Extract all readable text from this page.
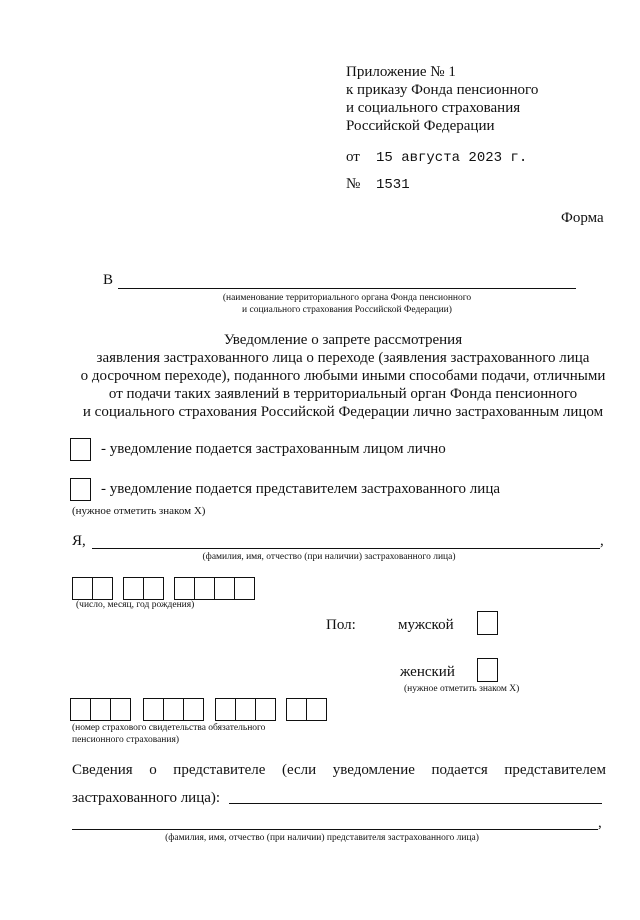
Приложение № 1
к приказу Фонда пенсионного
и социального страхования
Российской Федерации
от 15 августа 2023 г.
№ 1531
Форма
В
(наименование территориального органа Фонда пенсионного
и социального страхования Российской Федерации)
Уведомление о запрете рассмотрения
заявления застрахованного лица о переходе (заявления застрахованного лица
о досрочном переходе), поданного любыми иными способами подачи, отличными
от подачи таких заявлений в территориальный орган Фонда пенсионного
и социального страхования Российской Федерации лично застрахованным лицом
- уведомление подается застрахованным лицом лично
- уведомление подается представителем застрахованного лица
(нужное отметить знаком Х)
Я,	,
(фамилия, имя, отчество (при наличии) застрахованного лица)
(число, месяц, год рождения)
Пол:	мужской
женский
(нужное отметить знаком Х)
(номер страхового свидетельства обязательного
пенсионного страхования)
Сведения о представителе (если уведомление подается представителем
застрахованного лица):
,
(фамилия, имя, отчество (при наличии) представителя застрахованного лица)
